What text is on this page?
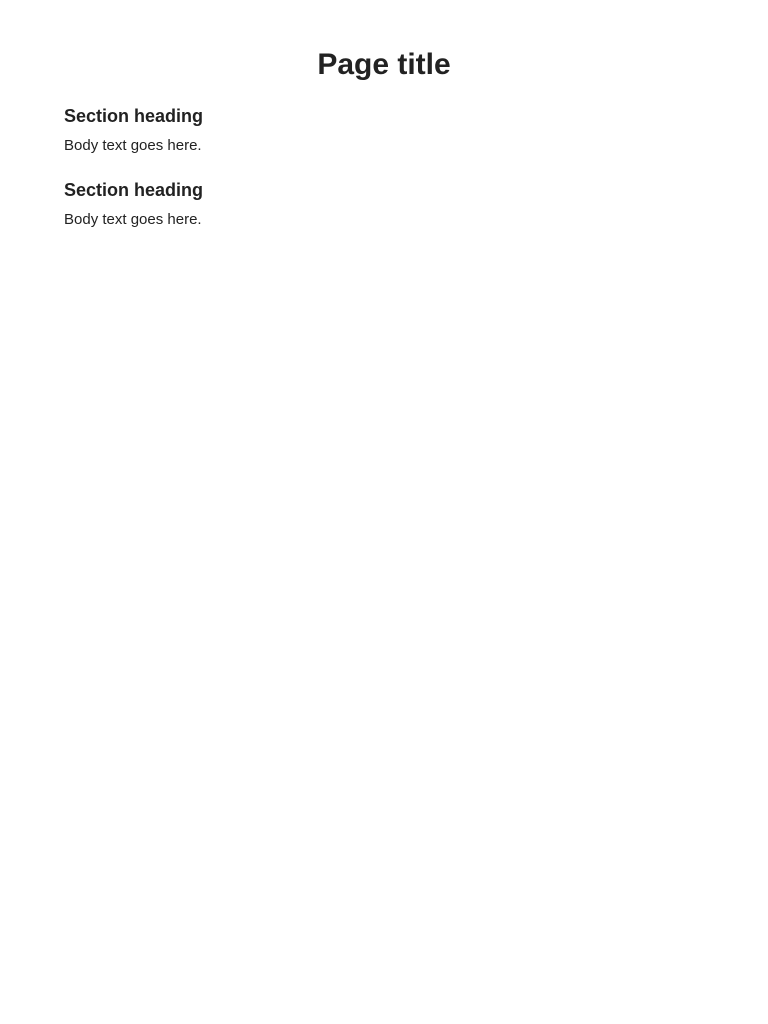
Page title
Section heading

Body text goes here.

Section heading

Body text goes here.
